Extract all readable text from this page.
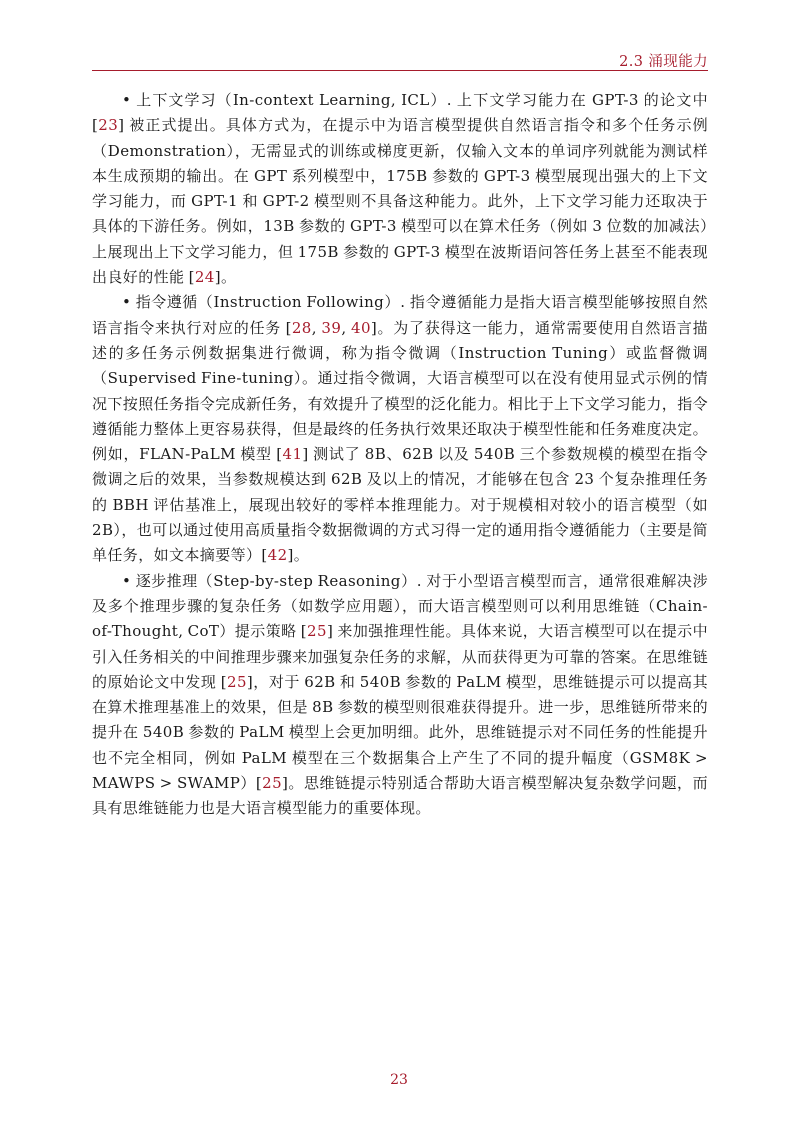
2.3 涌现能力

• 上下文学习（In-context Learning, ICL）. 上下文学习能力在 GPT-3 的论文中 [23] 被正式提出。具体方式为，在提示中为语言模型提供自然语言指令和多个任务示例（Demonstration），无需显式的训练或梯度更新，仅输入文本的单词序列就能为测试样本生成预期的输出。在 GPT 系列模型中，175B 参数的 GPT-3 模型展现出强大的上下文学习能力，而 GPT-1 和 GPT-2 模型则不具备这种能力。此外，上下文学习能力还取决于具体的下游任务。例如，13B 参数的 GPT-3 模型可以在算术任务（例如 3 位数的加减法）上展现出上下文学习能力，但 175B 参数的 GPT-3 模型在波斯语问答任务上甚至不能表现出良好的性能 [24]。

• 指令遵循（Instruction Following）. 指令遵循能力是指大语言模型能够按照自然语言指令来执行对应的任务 [28, 39, 40]。为了获得这一能力，通常需要使用自然语言描述的多任务示例数据集进行微调，称为指令微调（Instruction Tuning）或监督微调（Supervised Fine-tuning）。通过指令微调，大语言模型可以在没有使用显式示例的情况下按照任务指令完成新任务，有效提升了模型的泛化能力。相比于上下文学习能力，指令遵循能力整体上更容易获得，但是最终的任务执行效果还取决于模型性能和任务难度决定。例如，FLAN-PaLM 模型 [41] 测试了 8B、62B 以及 540B 三个参数规模的模型在指令微调之后的效果，当参数规模达到 62B 及以上的情况，才能够在包含 23 个复杂推理任务的 BBH 评估基准上，展现出较好的零样本推理能力。对于规模相对较小的语言模型（如 2B），也可以通过使用高质量指令数据微调的方式习得一定的通用指令遵循能力（主要是简单任务，如文本摘要等）[42]。

• 逐步推理（Step-by-step Reasoning）. 对于小型语言模型而言，通常很难解决涉及多个推理步骤的复杂任务（如数学应用题），而大语言模型则可以利用思维链（Chain-of-Thought, CoT）提示策略 [25] 来加强推理性能。具体来说，大语言模型可以在提示中引入任务相关的中间推理步骤来加强复杂任务的求解，从而获得更为可靠的答案。在思维链的原始论文中发现 [25]，对于 62B 和 540B 参数的 PaLM 模型，思维链提示可以提高其在算术推理基准上的效果，但是 8B 参数的模型则很难获得提升。进一步，思维链所带来的提升在 540B 参数的 PaLM 模型上会更加明细。此外，思维链提示对不同任务的性能提升也不完全相同，例如 PaLM 模型在三个数据集合上产生了不同的提升幅度（GSM8K > MAWPS > SWAMP）[25]。思维链提示特别适合帮助大语言模型解决复杂数学问题，而具有思维链能力也是大语言模型能力的重要体现。

23
